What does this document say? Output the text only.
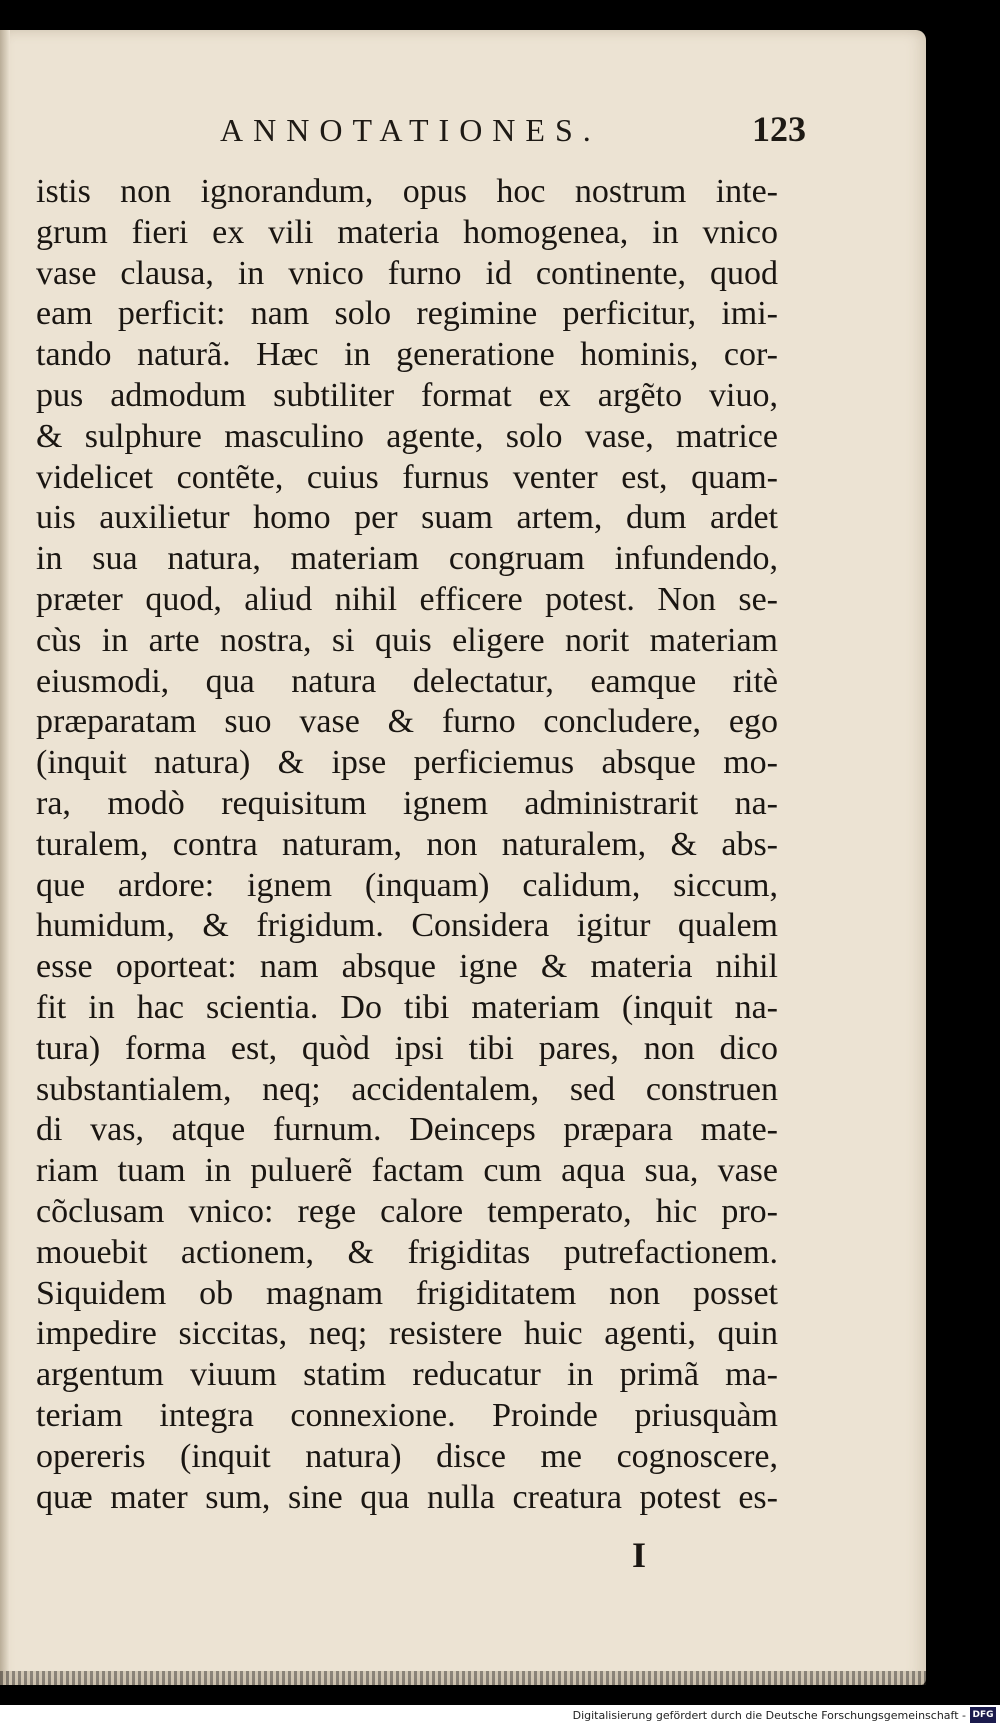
ANNOTATIONES.	123
istis non ignorandum, opus hoc nostrum inte-
grum fieri ex vili materia homogenea, in vnico
vase clausa, in vnico furno id continente, quod
eam perficit: nam solo regimine perficitur, imi-
tando naturã. Hæc in generatione hominis, cor-
pus admodum subtiliter format ex argẽto viuo,
& sulphure masculino agente, solo vase, matrice
videlicet contẽte, cuius furnus venter est, quam-
uis auxilietur homo per suam artem, dum ardet
in sua natura, materiam congruam infundendo,
præter quod, aliud nihil efficere potest. Non se-
cùs in arte nostra, si quis eligere norit materiam
eiusmodi, qua natura delectatur, eamque ritè
præparatam suo vase & furno concludere, ego
(inquit natura) & ipse perficiemus absque mo-
ra, modò requisitum ignem administrarit na-
turalem, contra naturam, non naturalem, & abs-
que ardore: ignem (inquam) calidum, siccum,
humidum, & frigidum. Considera igitur qualem
esse oporteat: nam absque igne & materia nihil
fit in hac scientia. Do tibi materiam (inquit na-
tura) forma est, quòd ipsi tibi pares, non dico
substantialem, neq; accidentalem, sed construen
di vas, atque furnum. Deinceps præpara mate-
riam tuam in puluerẽ factam cum aqua sua, vase
cõclusam vnico: rege calore temperato, hic pro-
mouebit actionem, & frigiditas putrefactionem.
Siquidem ob magnam frigiditatem non posset
impedire siccitas, neq; resistere huic agenti, quin
argentum viuum statim reducatur in primã ma-
teriam integra connexione. Proinde priusquàm
opereris (inquit natura) disce me cognoscere,
quæ mater sum, sine qua nulla creatura potest es-
I
Digitalisierung gefördert durch die Deutsche Forschungsgemeinschaft - DFG
